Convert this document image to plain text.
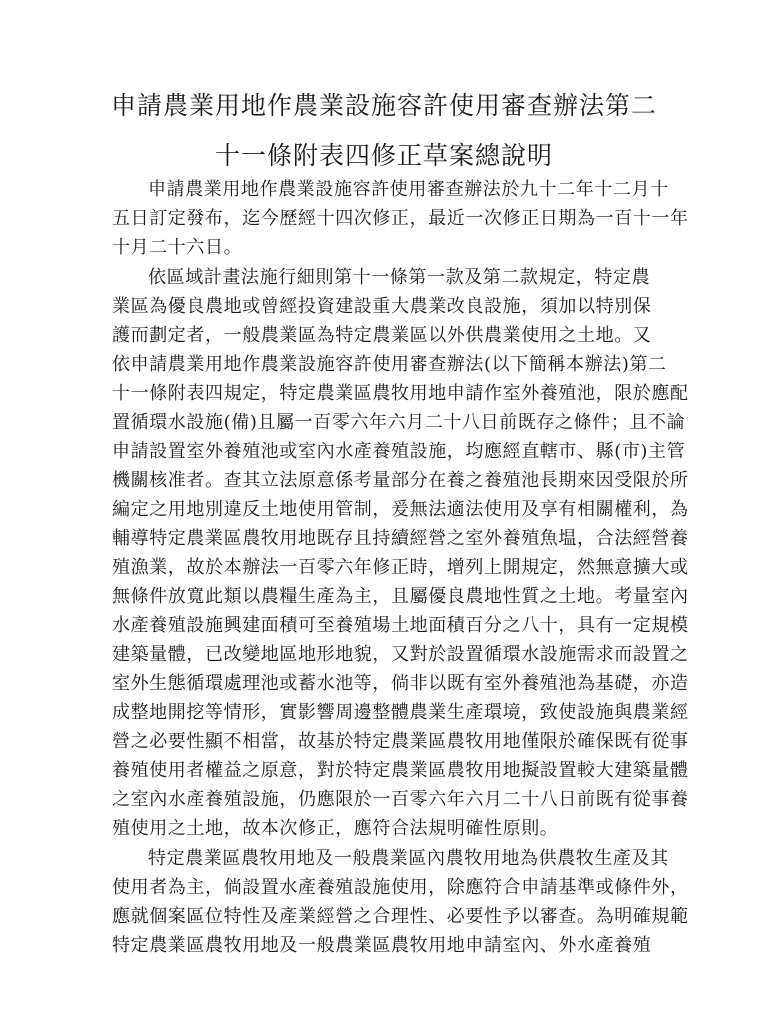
申請農業用地作農業設施容許使用審查辦法第二
十一條附表四修正草案總說明
申請農業用地作農業設施容許使用審查辦法於九十二年十二月十
五日訂定發布，迄今歷經十四次修正，最近一次修正日期為一百十一年
十月二十六日。
依區域計畫法施行細則第十一條第一款及第二款規定，特定農
業區為優良農地或曾經投資建設重大農業改良設施，須加以特別保
護而劃定者，一般農業區為特定農業區以外供農業使用之土地。又
依申請農業用地作農業設施容許使用審查辦法(以下簡稱本辦法)第二
十一條附表四規定，特定農業區農牧用地申請作室外養殖池，限於應配
置循環水設施(備)且屬一百零六年六月二十八日前既存之條件；且不論
申請設置室外養殖池或室內水產養殖設施，均應經直轄市、縣(市)主管
機關核准者。查其立法原意係考量部分在養之養殖池長期來因受限於所
編定之用地別違反土地使用管制，爰無法適法使用及享有相關權利，為
輔導特定農業區農牧用地既存且持續經營之室外養殖魚塭，合法經營養
殖漁業，故於本辦法一百零六年修正時，增列上開規定，然無意擴大或
無條件放寬此類以農糧生產為主，且屬優良農地性質之土地。考量室內
水產養殖設施興建面積可至養殖場土地面積百分之八十，具有一定規模
建築量體，已改變地區地形地貌，又對於設置循環水設施需求而設置之
室外生態循環處理池或蓄水池等，倘非以既有室外養殖池為基礎，亦造
成整地開挖等情形，實影響周邊整體農業生產環境，致使設施與農業經
營之必要性顯不相當，故基於特定農業區農牧用地僅限於確保既有從事
養殖使用者權益之原意，對於特定農業區農牧用地擬設置較大建築量體
之室內水產養殖設施，仍應限於一百零六年六月二十八日前既有從事養
殖使用之土地，故本次修正，應符合法規明確性原則。
特定農業區農牧用地及一般農業區內農牧用地為供農牧生產及其
使用者為主，倘設置水產養殖設施使用，除應符合申請基準或條件外，
應就個案區位特性及產業經營之合理性、必要性予以審查。為明確規範
特定農業區農牧用地及一般農業區農牧用地申請室內、外水產養殖
